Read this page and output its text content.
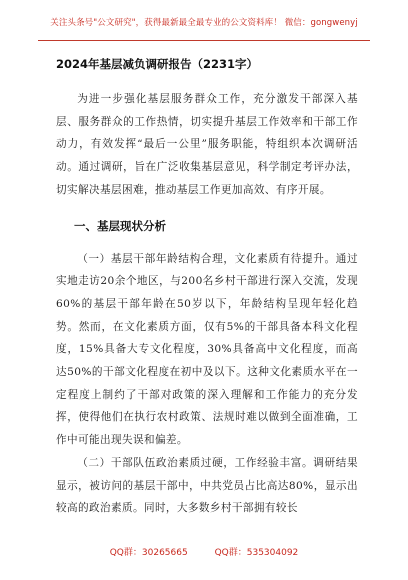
关注头条号"公文研究"，获得最新最全最专业的公文资料库！ 微信：gongwenyj
2024年基层减负调研报告（2231字）

为进一步强化基层服务群众工作，充分激发干部深入基层、服务群众的工作热情，切实提升基层工作效率和干部工作动力，有效发挥“最后一公里”服务职能，特组织本次调研活动。通过调研，旨在广泛收集基层意见，科学制定考评办法，切实解决基层困难，推动基层工作更加高效、有序开展。

一、基层现状分析

（一）基层干部年龄结构合理，文化素质有待提升。通过实地走访20余个地区，与200名乡村干部进行深入交流，发现60%的基层干部年龄在50岁以下，年龄结构呈现年轻化趋势。然而，在文化素质方面，仅有5%的干部具备本科文化程度，15%具备大专文化程度，30%具备高中文化程度，而高达50%的干部文化程度在初中及以下。这种文化素质水平在一定程度上制约了干部对政策的深入理解和工作能力的充分发挥，使得他们在执行农村政策、法规时难以做到全面准确，工作中可能出现失误和偏差。

（二）干部队伍政治素质过硬，工作经验丰富。调研结果显示，被访问的基层干部中，中共党员占比高达80%，显示出较高的政治素质。同时，大多数乡村干部拥有较长

QQ群：30265665	QQ群：535304092
